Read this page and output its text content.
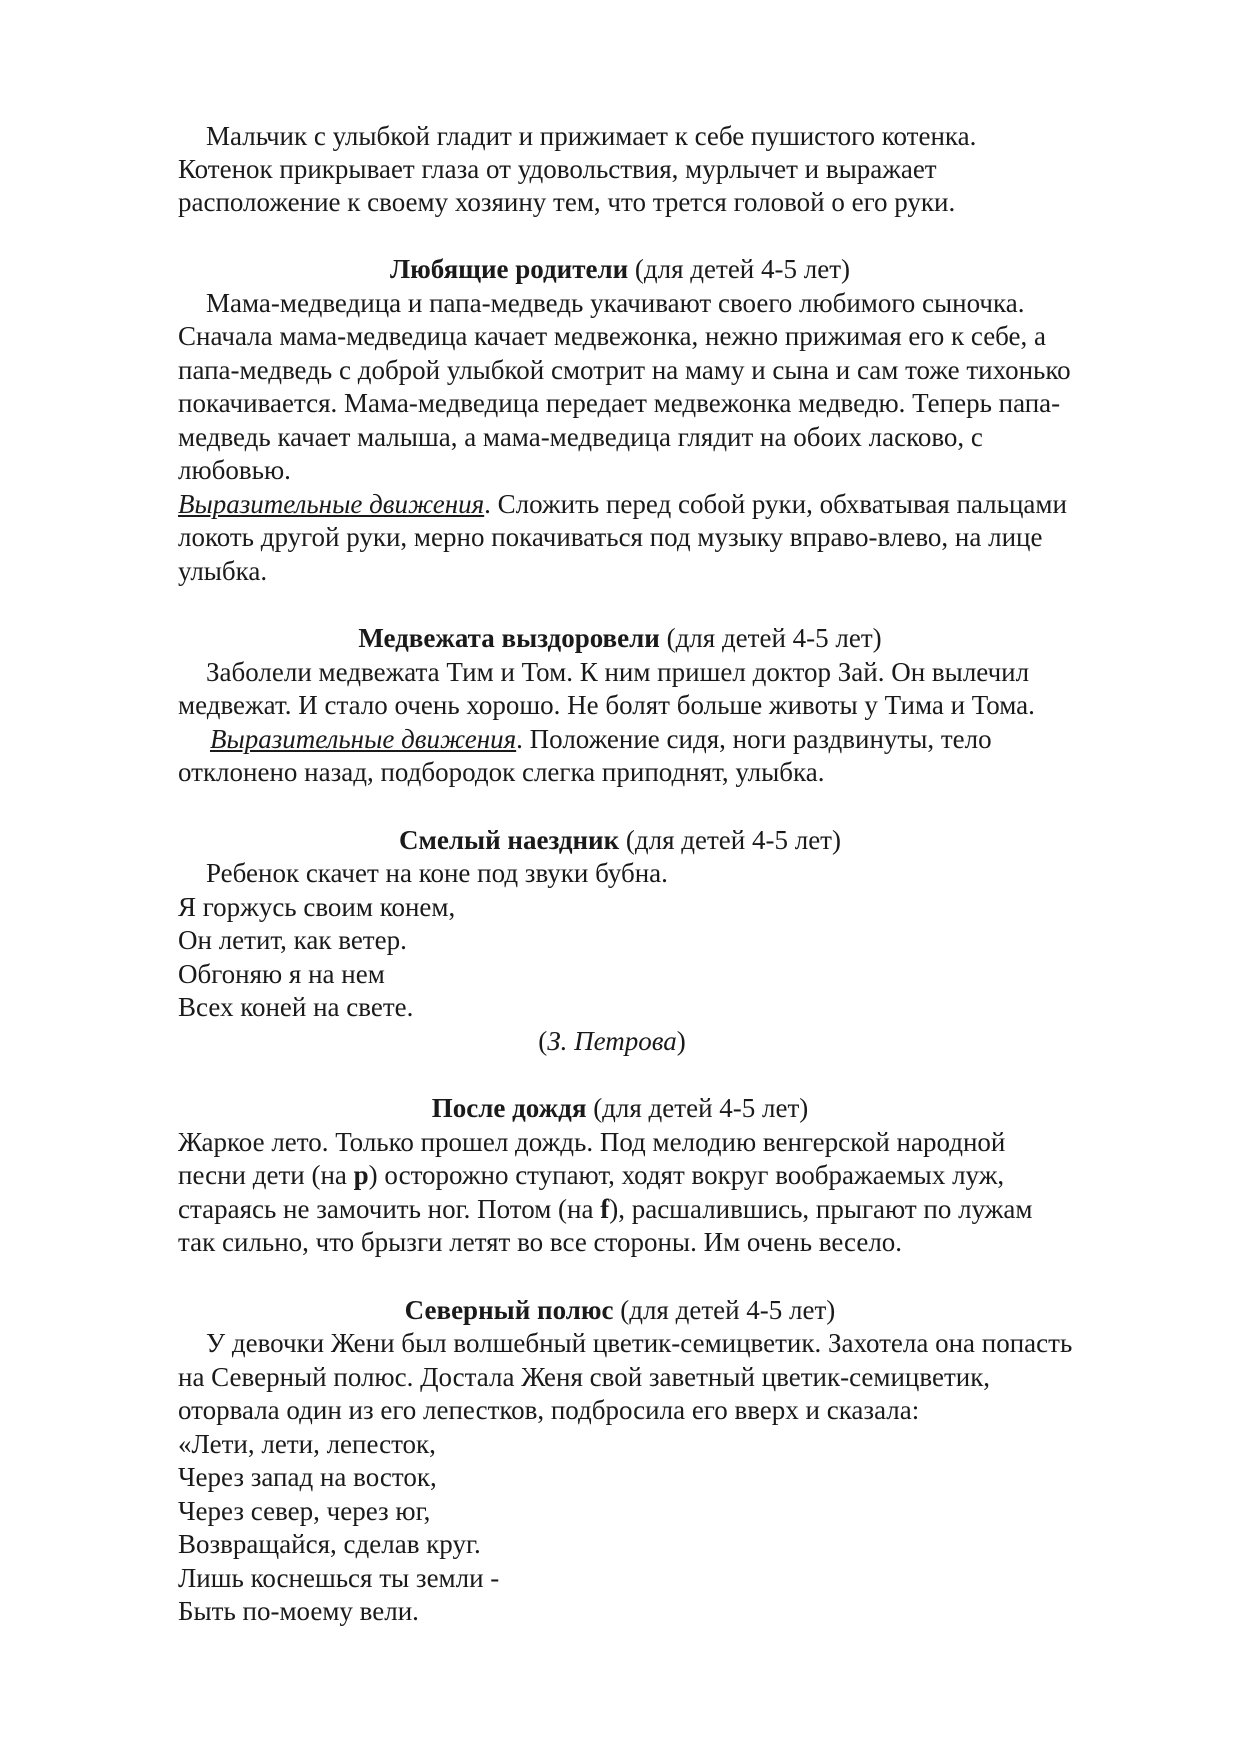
Мальчик с улыбкой гладит и прижимает к себе пушистого котенка.
Котенок прикрывает глаза от удовольствия, мурлычет и выражает
расположение к своему хозяину тем, что трется головой о его руки.
Любящие родители (для детей 4-5 лет)
Мама-медведица и папа-медведь укачивают своего любимого сыночка.
Сначала мама-медведица качает медвежонка, нежно прижимая его к себе, а
папа-медведь с доброй улыбкой смотрит на маму и сына и сам тоже тихонько
покачивается. Мама-медведица передает медвежонка медведю. Теперь папа-
медведь качает малыша, а мама-медведица глядит на обоих ласково, с
любовью.
Выразительные движения. Сложить перед собой руки, обхватывая пальцами
локоть другой руки, мерно покачиваться под музыку вправо-влево, на лице
улыбка.
Медвежата выздоровели (для детей 4-5 лет)
Заболели медвежата Тим и Том. К ним пришел доктор Зай. Он вылечил
медвежат. И стало очень хорошо. Не болят больше животы у Тима и Тома.
Выразительные движения. Положение сидя, ноги раздвинуты, тело
отклонено назад, подбородок слегка приподнят, улыбка.
Смелый наездник (для детей 4-5 лет)
Ребенок скачет на коне под звуки бубна.
Я горжусь своим конем,
Он летит, как ветер.
Обгоняю я на нем
Всех коней на свете.
(З. Петрова)
После дождя (для детей 4-5 лет)
Жаркое лето. Только прошел дождь. Под мелодию венгерской народной
песни дети (на р) осторожно ступают, ходят вокруг воображаемых луж,
стараясь не замочить ног. Потом (на f), расшалившись, прыгают по лужам
так сильно, что брызги летят во все стороны. Им очень весело.
Северный полюс (для детей 4-5 лет)
У девочки Жени был волшебный цветик-семицветик. Захотела она попасть
на Северный полюс. Достала Женя свой заветный цветик-семицветик,
оторвала один из его лепестков, подбросила его вверх и сказала:
«Лети, лети, лепесток,
Через запад на восток,
Через север, через юг,
Возвращайся, сделав круг.
Лишь коснешься ты земли -
Быть по-моему вели.
